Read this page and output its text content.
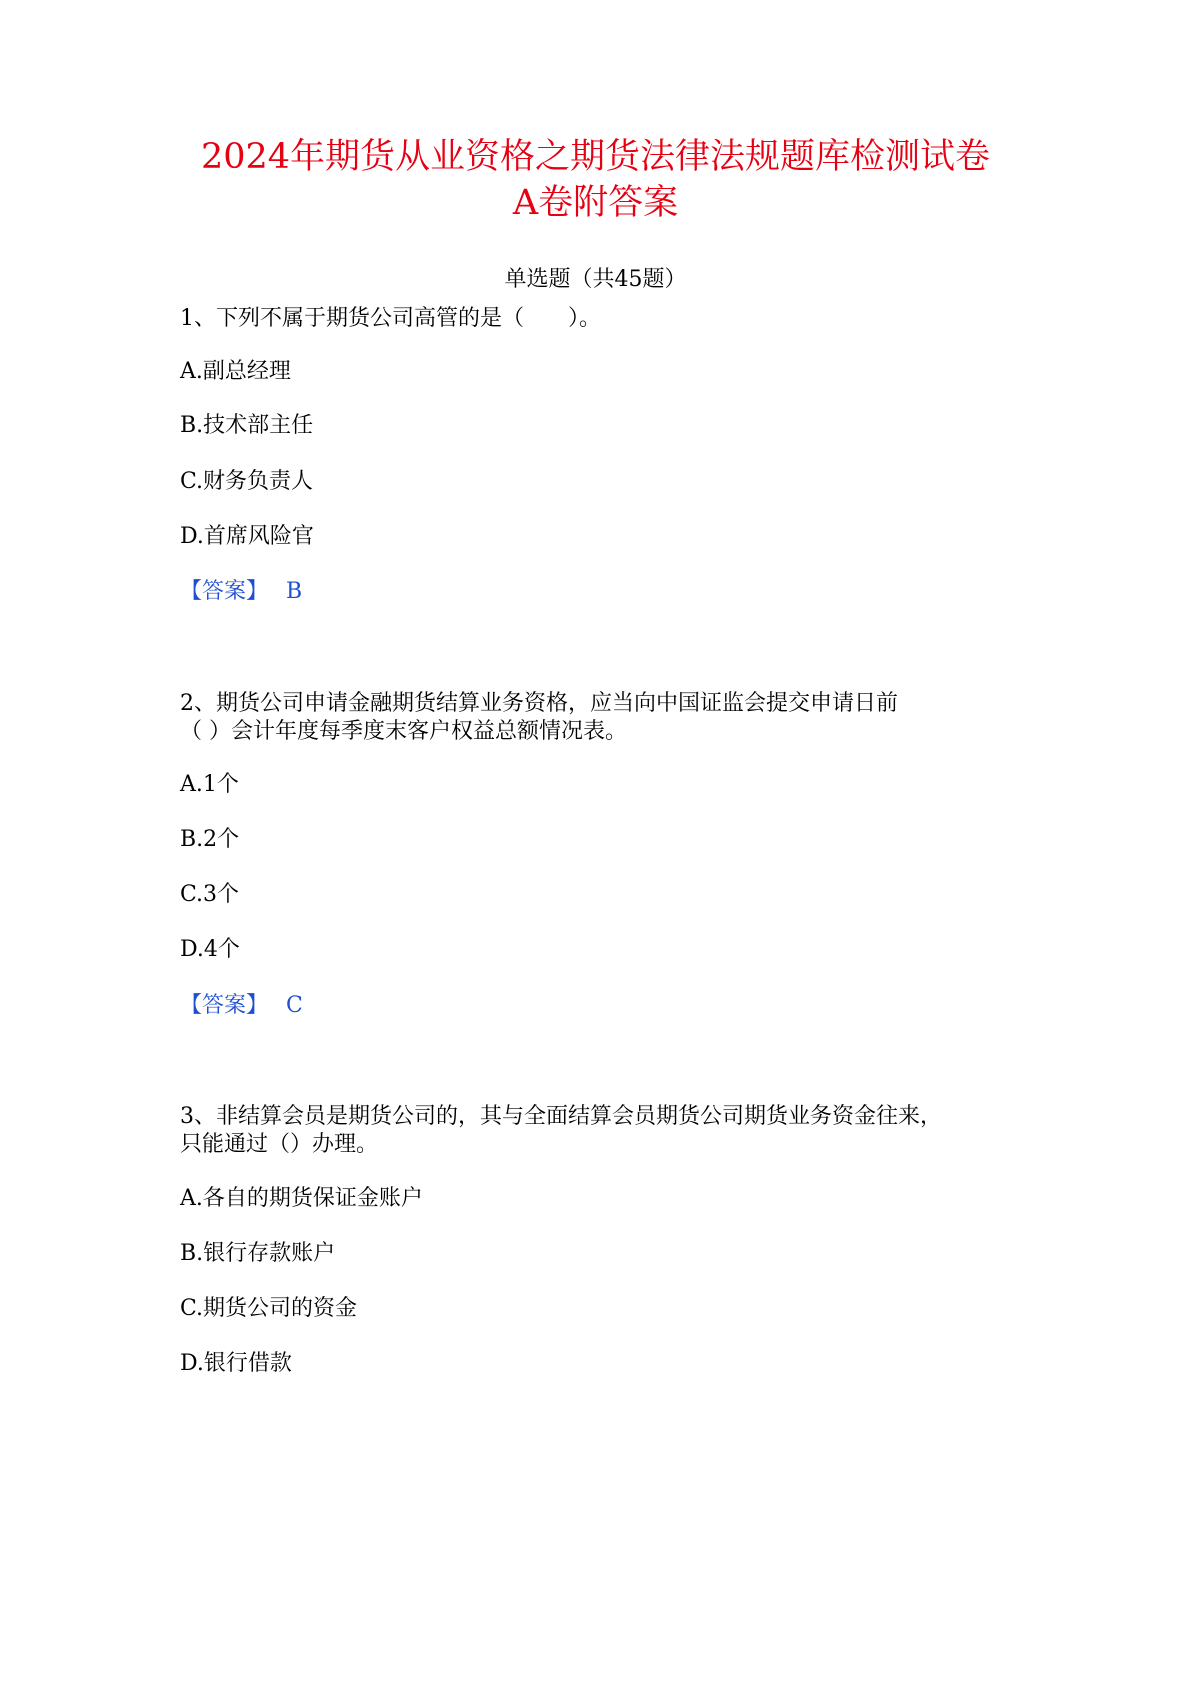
2024年期货从业资格之期货法律法规题库检测试卷
A卷附答案
单选题（共45题）
1、下列不属于期货公司高管的是（　　）。
A.副总经理
B.技术部主任
C.财务负责人
D.首席风险官
【答案】 B
2、期货公司申请金融期货结算业务资格，应当向中国证监会提交申请日前
（ ）会计年度每季度末客户权益总额情况表。
A.1个
B.2个
C.3个
D.4个
【答案】 C
3、非结算会员是期货公司的，其与全面结算会员期货公司期货业务资金往来，
只能通过（）办理。
A.各自的期货保证金账户
B.银行存款账户
C.期货公司的资金
D.银行借款
